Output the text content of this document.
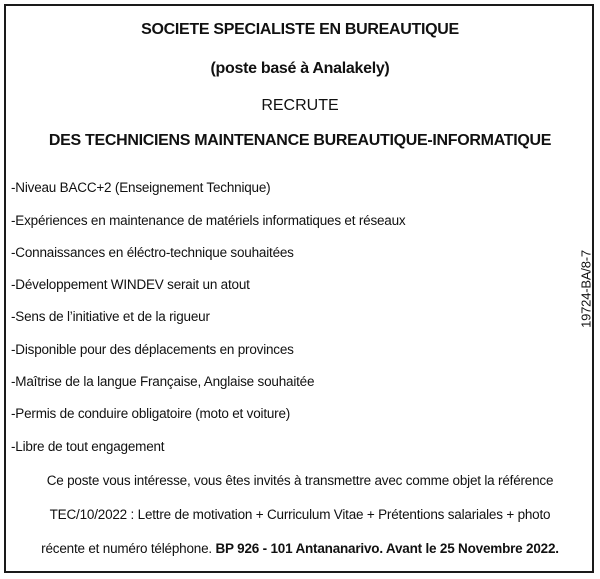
SOCIETE SPECIALISTE EN BUREAUTIQUE
(poste basé à Analakely)
RECRUTE
DES TECHNICIENS MAINTENANCE BUREAUTIQUE-INFORMATIQUE
-Niveau BACC+2 (Enseignement Technique)
-Expériences en maintenance de matériels informatiques et réseaux
-Connaissances en éléctro-technique souhaitées
-Développement WINDEV serait un atout
-Sens de l’initiative et de la rigueur
-Disponible pour des déplacements en provinces
-Maîtrise de la langue Française, Anglaise souhaitée
-Permis de conduire obligatoire (moto et voiture)
-Libre de tout engagement
Ce poste vous intéresse, vous êtes invités à transmettre avec comme objet la référence
TEC/10/2022 : Lettre de motivation + Curriculum Vitae + Prétentions salariales + photo
récente et numéro téléphone. BP 926 - 101 Antananarivo. Avant le 25 Novembre 2022.
19724-BA/8-7
